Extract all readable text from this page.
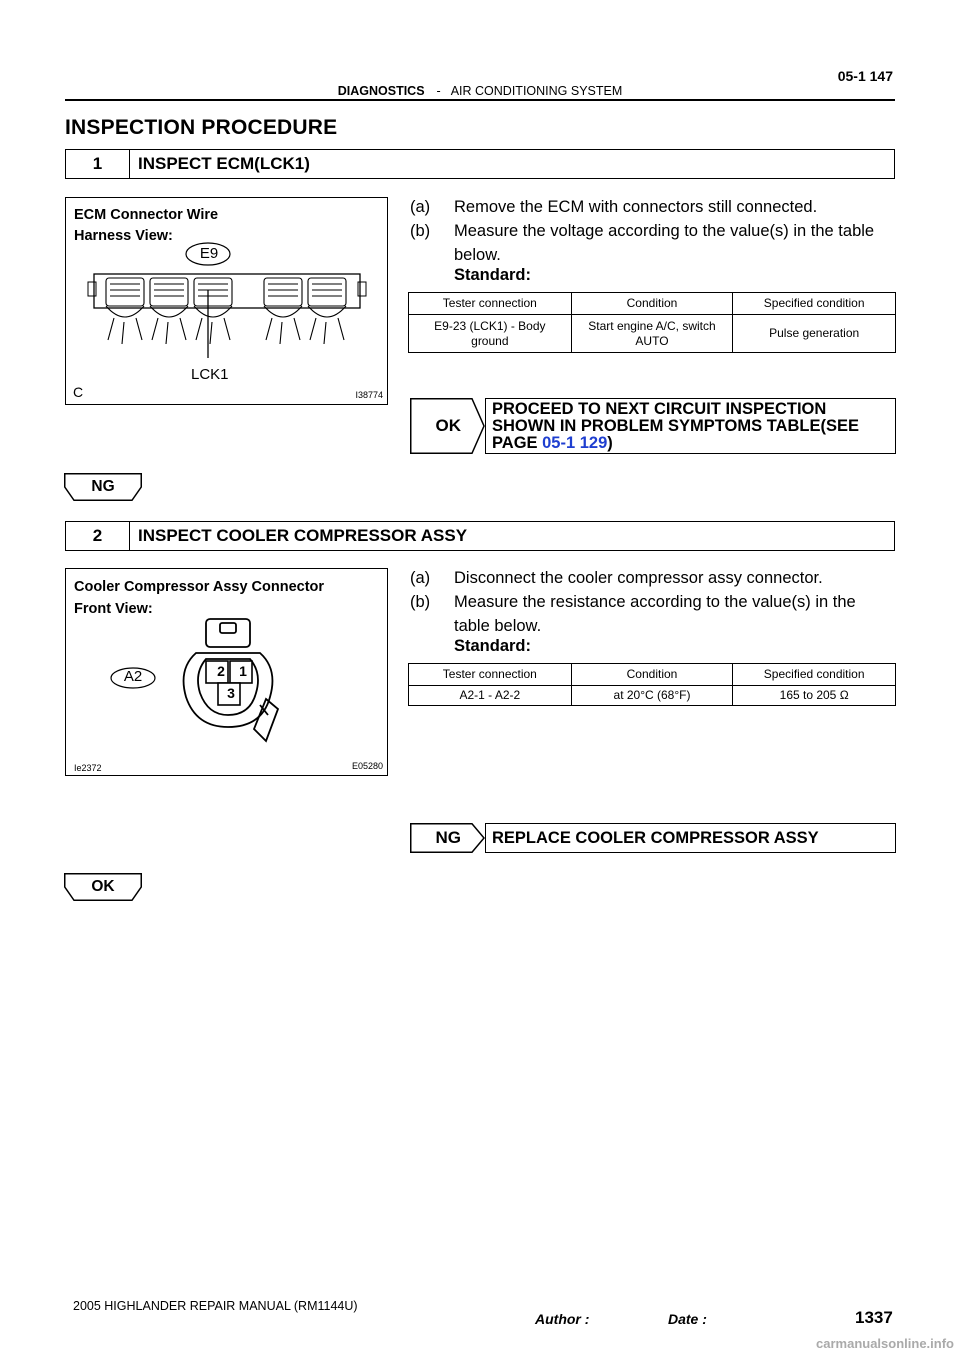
05-1 147
DIAGNOSTICS - AIR CONDITIONING SYSTEM
INSPECTION PROCEDURE
1	INSPECT ECM(LCK1)
ECM Connector Wire
Harness View:
E9
LCK1
C	I38774
(a) Remove the ECM with connectors still connected.
(b) Measure the voltage according to the value(s) in the table
below.
Standard:
Tester connection	Condition	Specified condition
E9-23 (LCK1) - Body
ground	Start engine A/C, switch
AUTO	Pulse generation
OK
PROCEED TO NEXT CIRCUIT INSPECTION
SHOWN IN PROBLEM SYMPTOMS TABLE(SEE
PAGE 05-1 129)
NG
2	INSPECT COOLER COMPRESSOR ASSY
Cooler Compressor Assy Connector
Front View:
2	1
3
A2
Ie2372	E05280
(a) Disconnect the cooler compressor assy connector.
(b) Measure the resistance according to the value(s) in the
table below.
Standard:
Tester connection	Condition	Specified condition
A2-1 - A2-2	at 20°C (68°F)	165 to 205 Ω
NG REPLACE COOLER COMPRESSOR ASSY
OK
2005 HIGHLANDER REPAIR MANUAL (RM1144U)
1337
Author :	Date :
carmanualsonline.info
